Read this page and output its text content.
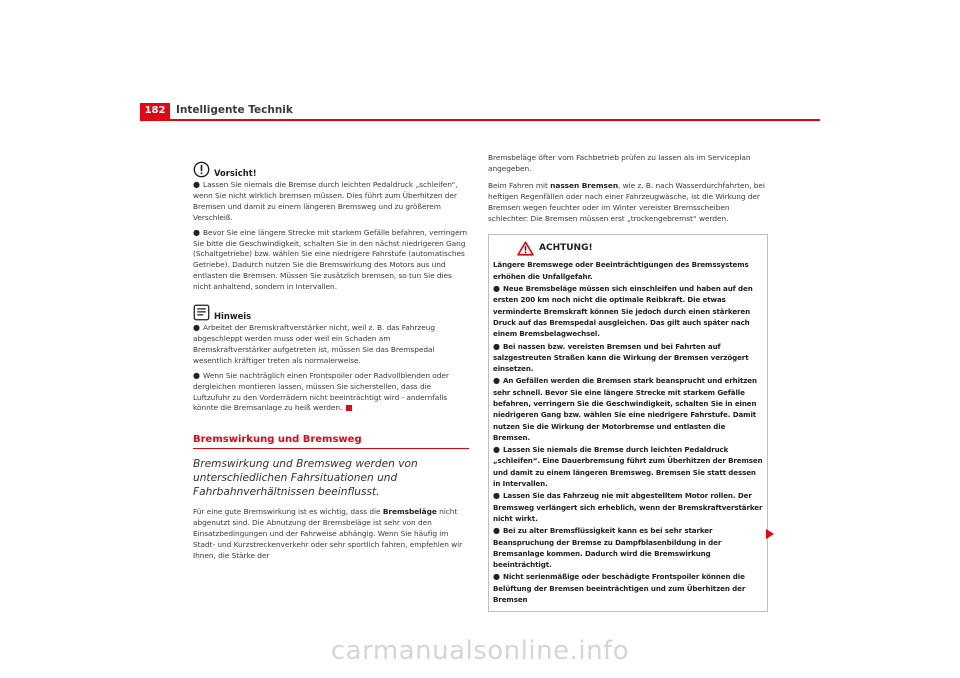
182	Intelligente Technik
Vorsicht!

● Lassen Sie niemals die Bremse durch leichten Pedaldruck „schleifen“, wenn Sie nicht wirklich bremsen müssen. Dies führt zum Überhitzen der Bremsen und damit zu einem längeren Bremsweg und zu größerem Verschleiß.

● Bevor Sie eine längere Strecke mit starkem Gefälle befahren, verringern Sie bitte die Geschwindigkeit, schalten Sie in den nächst niedrigeren Gang (Schaltgetriebe) bzw. wählen Sie eine niedrigere Fahrstufe (automatisches Getriebe). Dadurch nutzen Sie die Bremswirkung des Motors aus und entlasten die Bremsen. Müssen Sie zusätzlich bremsen, so tun Sie dies nicht anhaltend, sondern in Intervallen.

Hinweis

● Arbeitet der Bremskraftverstärker nicht, weil z. B. das Fahrzeug abgeschleppt werden muss oder weil ein Schaden am Bremskraftverstärker aufgetreten ist, müssen Sie das Bremspedal wesentlich kräftiger treten als normalerweise.

● Wenn Sie nachträglich einen Frontspoiler oder Radvollblenden oder dergleichen montieren lassen, müssen Sie sicherstellen, dass die Luftzufuhr zu den Vorderrädern nicht beeinträchtigt wird - andernfalls könnte die Bremsanlage zu heiß werden.

Bremswirkung und Bremsweg
Bremswirkung und Bremsweg werden von unterschiedlichen Fahrsituationen und Fahrbahnverhältnissen beeinflusst.

Für eine gute Bremswirkung ist es wichtig, dass die Bremsbeläge nicht abgenutzt sind. Die Abnutzung der Bremsbeläge ist sehr von den Einsatzbedingungen und der Fahrweise abhängig. Wenn Sie häufig im Stadt- und Kurzstreckenverkehr oder sehr sportlich fahren, empfehlen wir Ihnen, die Stärke der

Bremsbeläge öfter vom Fachbetrieb prüfen zu lassen als im Serviceplan angegeben.

Beim Fahren mit nassen Bremsen, wie z. B. nach Wasserdurchfahrten, bei heftigen Regenfällen oder nach einer Fahrzeugwäsche, ist die Wirkung der Bremsen wegen feuchter oder im Winter vereister Bremsscheiben schlechter: Die Bremsen müssen erst „trockengebremst“ werden.

ACHTUNG!

Längere Bremswege oder Beeinträchtigungen des Bremssystems erhöhen die Unfallgefahr.

● Neue Bremsbeläge müssen sich einschleifen und haben auf den ersten 200 km noch nicht die optimale Reibkraft. Die etwas verminderte Bremskraft können Sie jedoch durch einen stärkeren Druck auf das Bremspedal ausgleichen. Das gilt auch später nach einem Bremsbelagwechsel.

● Bei nassen bzw. vereisten Bremsen und bei Fahrten auf salzgestreuten Straßen kann die Wirkung der Bremsen verzögert einsetzen.

● An Gefällen werden die Bremsen stark beansprucht und erhitzen sehr schnell. Bevor Sie eine längere Strecke mit starkem Gefälle befahren, verringern Sie die Geschwindigkeit, schalten Sie in einen niedrigeren Gang bzw. wählen Sie eine niedrigere Fahrstufe. Damit nutzen Sie die Wirkung der Motorbremse und entlasten die Bremsen.

● Lassen Sie niemals die Bremse durch leichten Pedaldruck „schleifen“. Eine Dauerbremsung führt zum Überhitzen der Bremsen und damit zu einem längeren Bremsweg. Bremsen Sie statt dessen in Intervallen.

● Lassen Sie das Fahrzeug nie mit abgestelltem Motor rollen. Der Bremsweg verlängert sich erheblich, wenn der Bremskraftverstärker nicht wirkt.

● Bei zu alter Bremsflüssigkeit kann es bei sehr starker Beanspruchung der Bremse zu Dampfblasenbildung in der Bremsanlage kommen. Dadurch wird die Bremswirkung beeinträchtigt.

● Nicht serienmäßige oder beschädigte Frontspoiler können die Belüftung der Bremsen beeinträchtigen und zum Überhitzen der Bremsen

carmanualsonline.info
